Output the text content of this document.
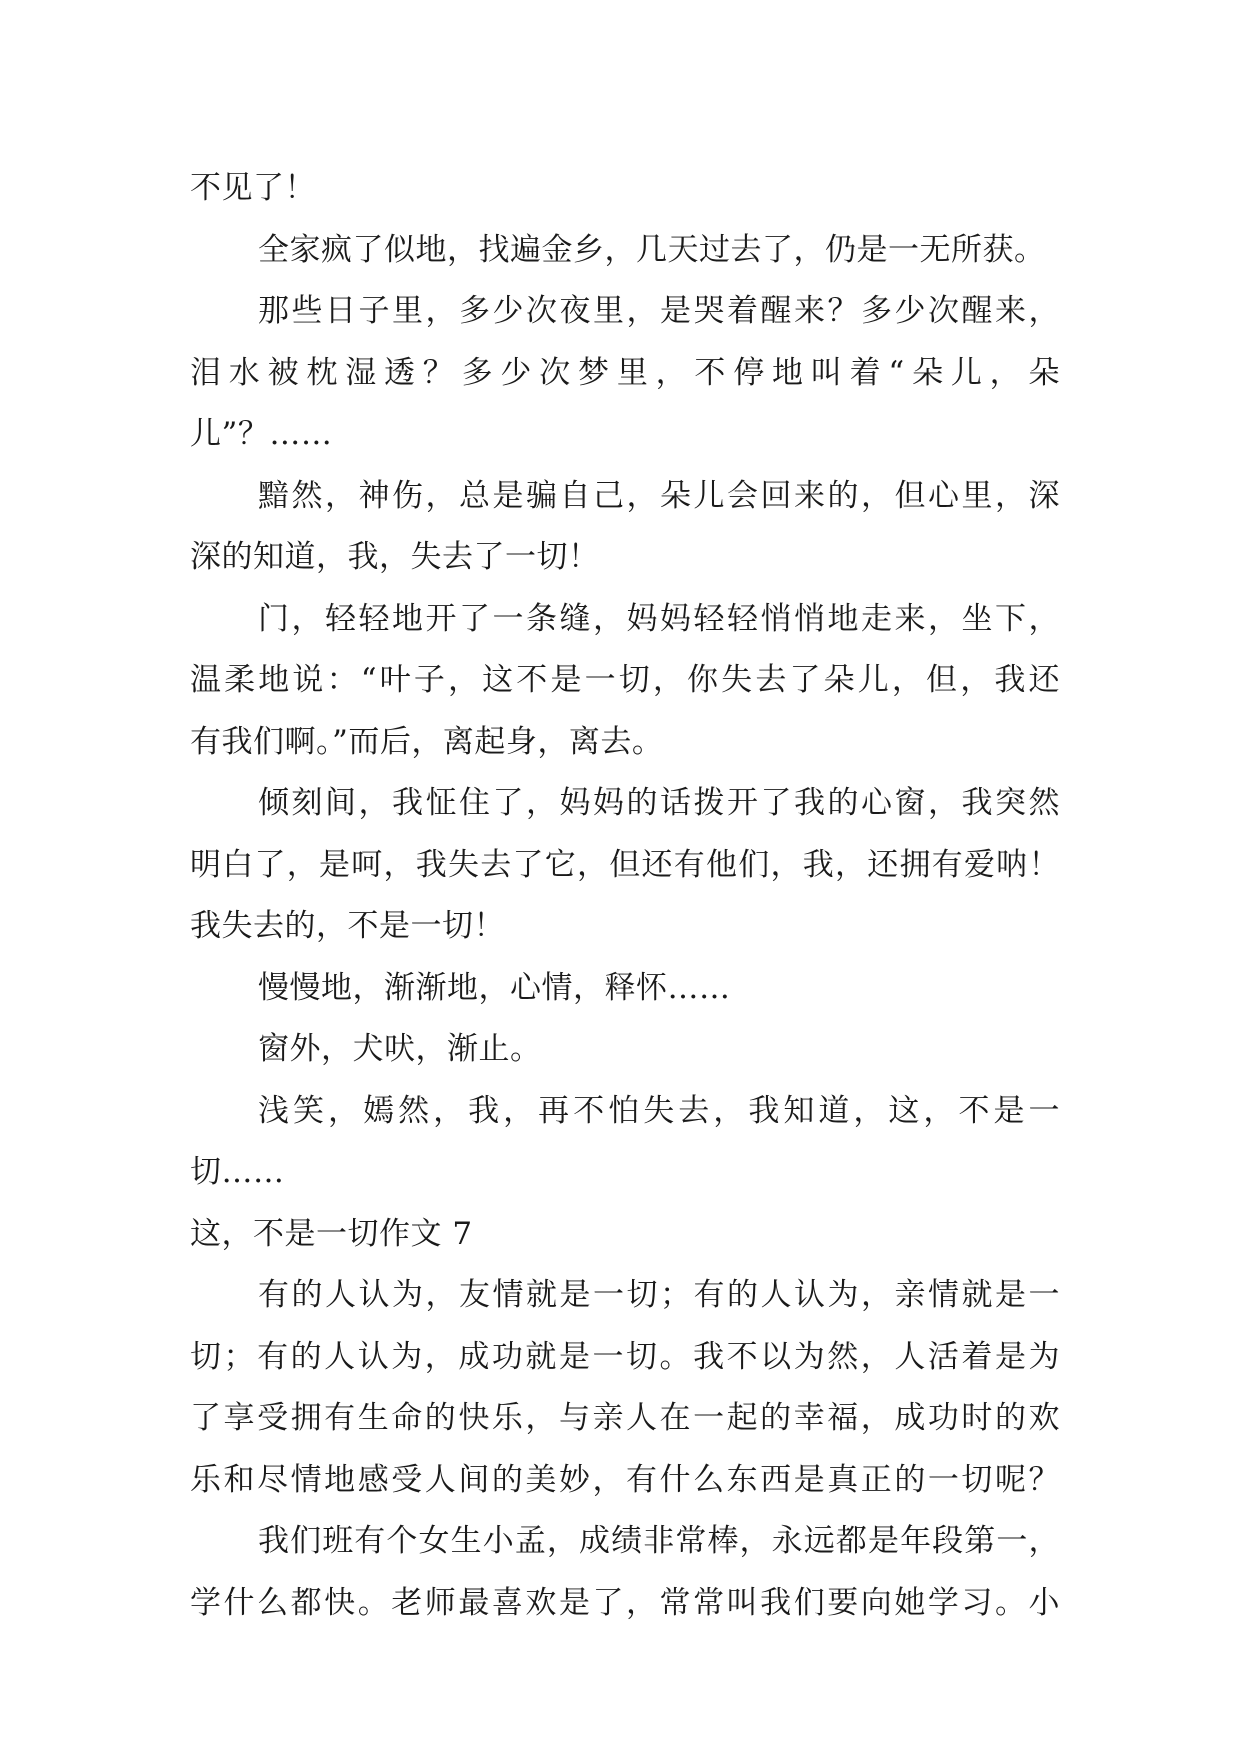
不见了！
全家疯了似地，找遍金乡，几天过去了，仍是一无所获。
那些日子里，多少次夜里，是哭着醒来？多少次醒来，
泪水被枕湿透？多少次梦里，不停地叫着“朵儿，朵
儿”？……
黯然，神伤，总是骗自己，朵儿会回来的，但心里，深
深的知道，我，失去了一切！
门，轻轻地开了一条缝，妈妈轻轻悄悄地走来，坐下，
温柔地说：“叶子，这不是一切，你失去了朵儿，但，我还
有我们啊。”而后，离起身，离去。
倾刻间，我怔住了，妈妈的话拨开了我的心窗，我突然
明白了，是呵，我失去了它，但还有他们，我，还拥有爱呐！
我失去的，不是一切！
慢慢地，渐渐地，心情，释怀……
窗外，犬吠，渐止。
浅笑，嫣然，我，再不怕失去，我知道，这，不是一
切……
这，不是一切作文 7
有的人认为，友情就是一切；有的人认为，亲情就是一
切；有的人认为，成功就是一切。我不以为然，人活着是为
了享受拥有生命的快乐，与亲人在一起的幸福，成功时的欢
乐和尽情地感受人间的美妙，有什么东西是真正的一切呢？
我们班有个女生小孟，成绩非常棒，永远都是年段第一，
学什么都快。老师最喜欢是了，常常叫我们要向她学习。小
